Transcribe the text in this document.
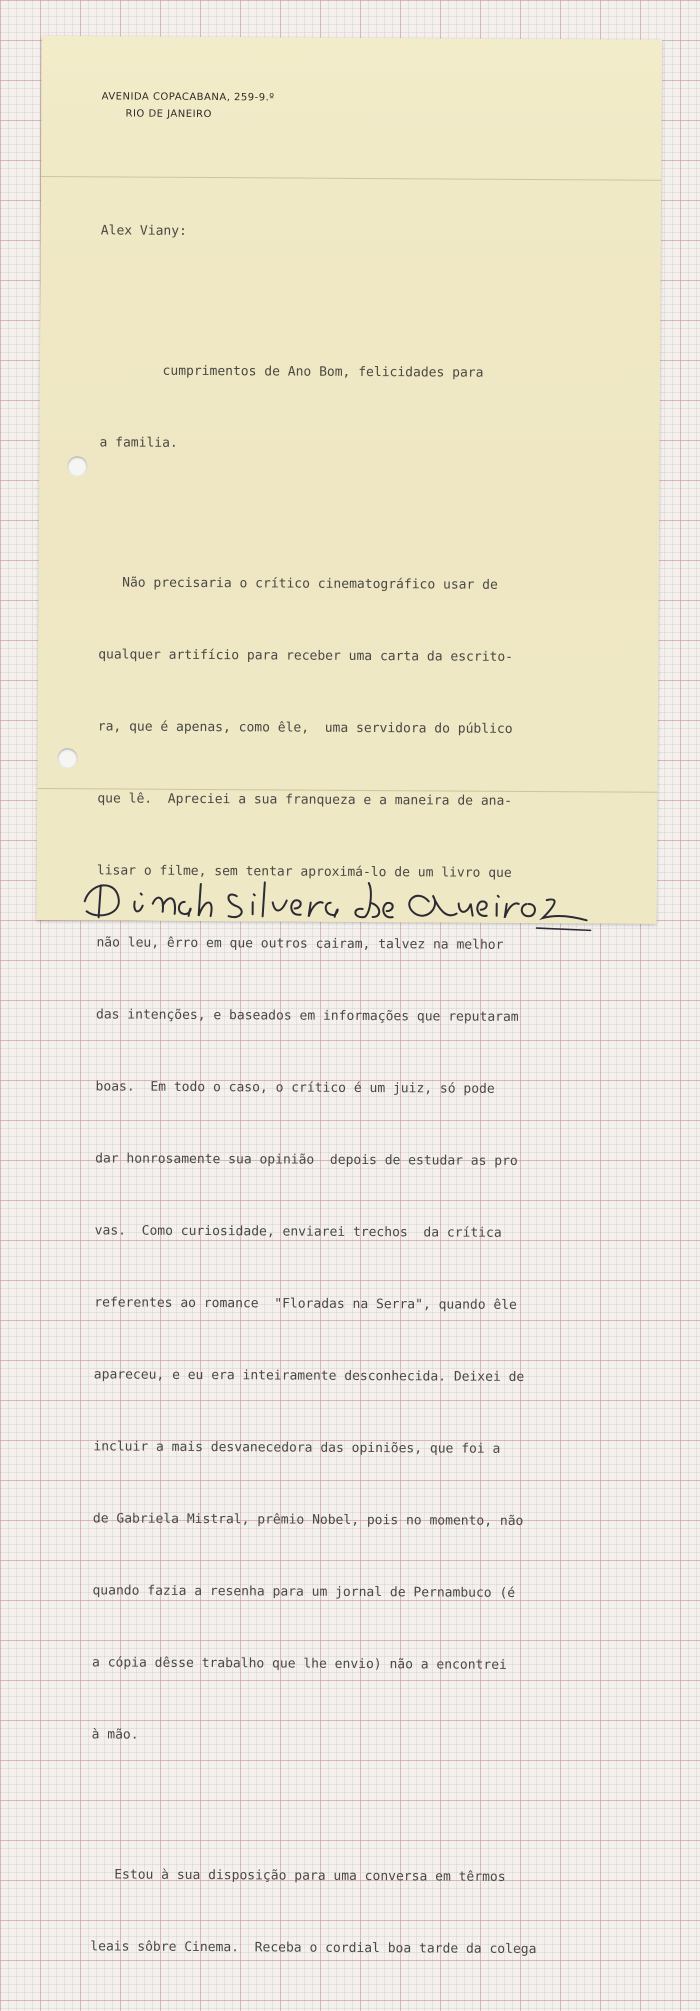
AVENIDA COPACABANA, 259-9.º
RIO DE JANEIRO

Alex Viany:

cumprimentos de Ano Bom, felicidades para

a familia.

Não precisaria o crítico cinematográfico usar de

qualquer artifício para receber uma carta da escrito-

ra, que é apenas, como êle,  uma servidora do público

que lê.  Apreciei a sua franqueza e a maneira de ana-

lisar o filme, sem tentar aproximá-lo de um livro que

não leu, êrro em que outros cairam, talvez na melhor

das intenções, e baseados em informações que reputaram

boas.  Em todo o caso, o crítico é um juiz, só pode

dar honrosamente sua opinião  depois de estudar as pro

vas.  Como curiosidade, enviarei trechos  da crítica

referentes ao romance  "Floradas na Serra", quando êle

apareceu, e eu era inteiramente desconhecida. Deixei de

incluir a mais desvanecedora das opiniões, que foi a

de Gabriela Mistral, prêmio Nobel, pois no momento, não

quando fazia a resenha para um jornal de Pernambuco (é

a cópia dêsse trabalho que lhe envio) não a encontrei

à mão.

Estou à sua disposição para uma conversa em têrmos

leais sôbre Cinema.  Receba o cordial boa tarde da colega
